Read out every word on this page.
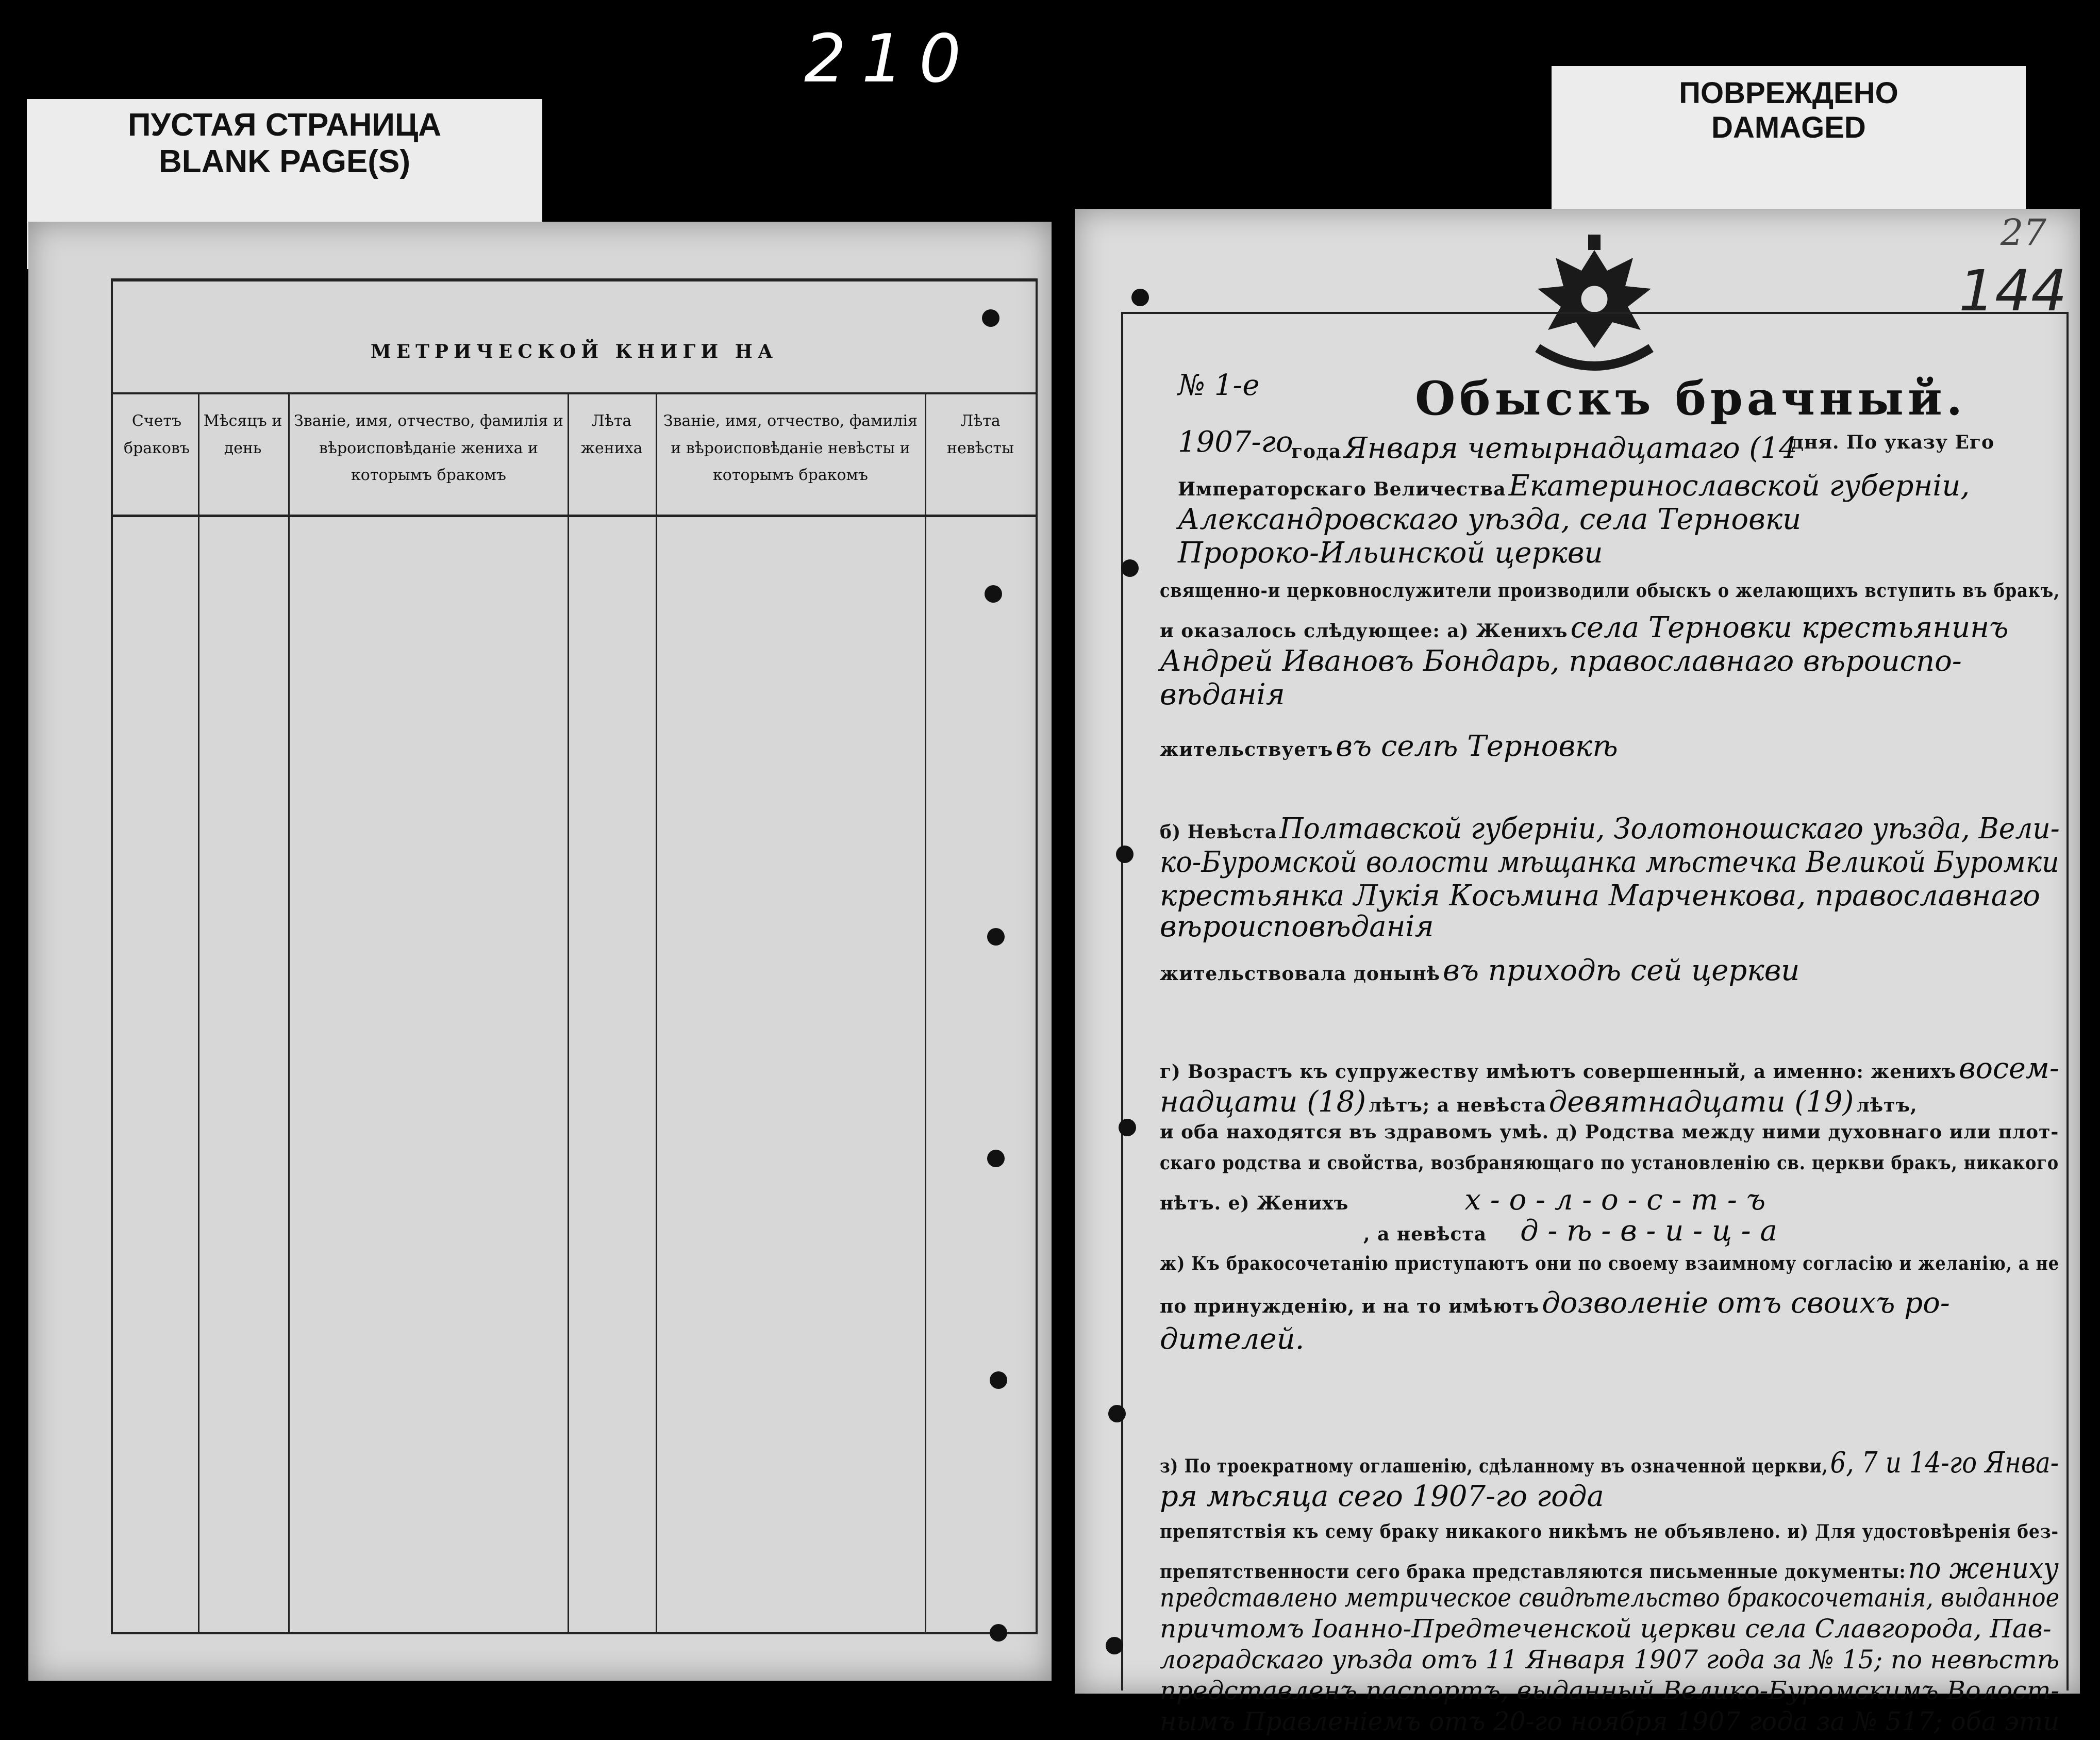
210
ПУСТАЯ СТРАНИЦА
BLANK PAGE(S)
ПОВРЕЖДЕНО
DAMAGED
МЕТРИЧЕСКОЙ КНИГИ НА
Счетъ браковъ
Мѣсяцъ и день
Званіе, имя, отчество, фамилія и вѣроисповѣданіе жениха и которымъ бракомъ
Лѣта жениха
Званіе, имя, отчество, фамилія и вѣроисповѣданіе невѣсты и которымъ бракомъ
Лѣта невѣсты
27
144
№ 1-е	Обыскъ брачный.
1907-го
года Января четырнадцатаго (14
дня. По указу Его
Императорскаго Величества Екатеринославской губерніи,
Александровскаго уѣзда, села Терновки
Пророко-Ильинской церкви
священно-и церковнослужители производили обыскъ о желающихъ вступить въ бракъ,
и оказалось слѣдующее: а) Женихъ села Терновки крестьянинъ
Андрей Ивановъ Бондарь, православнаго вѣроиспо-
вѣданія
жительствуетъ въ селѣ Терновкѣ
б) Невѣста Полтавской губерніи, Золотоношскаго уѣзда, Вели-
ко-Буромской волости мѣщанка мѣстечка Великой Буромки
крестьянка Лукія Косьмина Марченкова, православнаго
вѣроисповѣданія
жительствовала донынѣ въ приходѣ сей церкви
г) Возрастъ къ супружеству имѣютъ совершенный, а именно: женихъ восем-
надцати (18) лѣтъ; а невѣста девятнадцати (19) лѣтъ,
и оба находятся въ здравомъ умѣ. д) Родства между ними духовнаго или плот-
скаго родства и свойства, возбраняющаго по установленію св. церкви бракъ, никакого
нѣтъ. е) Женихъ	х - о - л - о - с - т - ъ
, а невѣста д - ѣ - в - и - ц - а
ж) Къ бракосочетанію приступаютъ они по своему взаимному согласію и желанію, а не
по принужденію, и на то имѣютъ дозволеніе отъ своихъ ро-
дителей.
з) По троекратному оглашенію, сдѣланному въ означенной церкви, 6, 7 и 14-го Янва-
ря мѣсяца сего 1907-го года
препятствія къ сему браку никакого никѣмъ не объявлено. и) Для удостовѣренія без-
препятственности сего брака представляются письменные документы: по жениху
представлено метрическое свидѣтельство бракосочетанія, выданное
причтомъ Іоанно-Предтеченской церкви села Славгорода, Пав-
лоградскаго уѣзда отъ 11 Января 1907 года за № 15; по невѣстѣ
представленъ паспортъ, выданный Велико-Буромскимъ Волост-
нымъ Правленіемъ отъ 20-го ноября 1907 года за № 517; оба эти
